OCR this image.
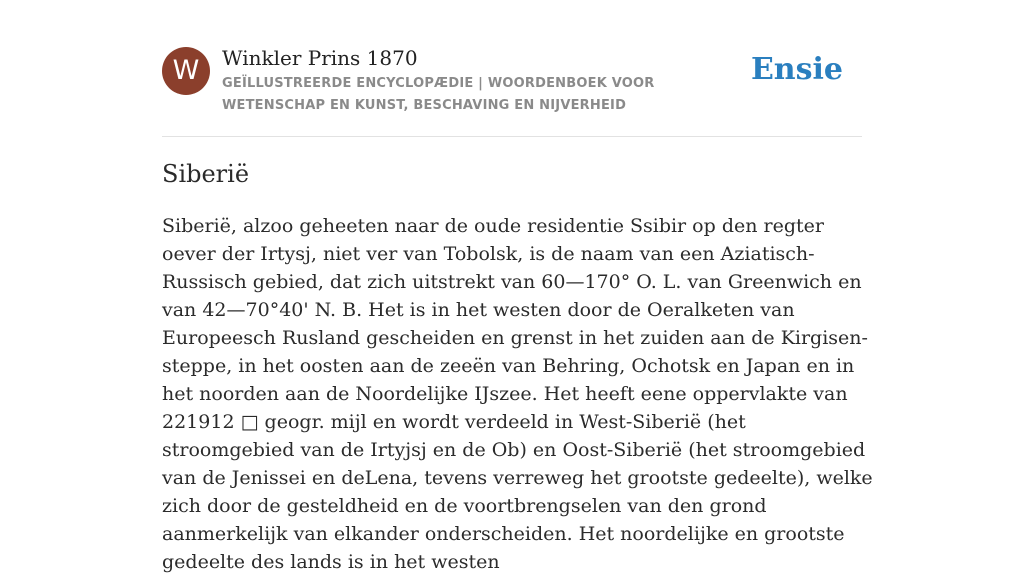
W	Winkler Prins 1870
GEÏLLUSTREERDE ENCYCLOPÆDIE | WOORDENBOEK VOOR WETENSCHAP EN KUNST, BESCHAVING EN NIJVERHEID
Ensie
Siberië

Siberië, alzoo geheeten naar de oude residentie Ssibir op den regter oever der Irtysj, niet ver van Tobolsk, is de naam van een Aziatisch-Russisch gebied, dat zich uitstrekt van 60—170° O. L. van Greenwich en van 42—70°40' N. B. Het is in het westen door de Oeralketen van Europeesch Rusland gescheiden en grenst in het zuiden aan de Kirgisen-steppe, in het oosten aan de zeeën van Behring, Ochotsk en Japan en in het noorden aan de Noordelijke IJszee. Het heeft eene oppervlakte van 221912 □ geogr. mijl en wordt verdeeld in West-Siberië (het stroomgebied van de Irtyjsj en de Ob) en Oost-Siberië (het stroomgebied van de Jenissei en deLena, tevens verreweg het grootste gedeelte), welke zich door de gesteldheid en de voortbrengselen van den grond aanmerkelijk van elkander onderscheiden. Het noordelijke en grootste gedeelte des lands is in het westen
